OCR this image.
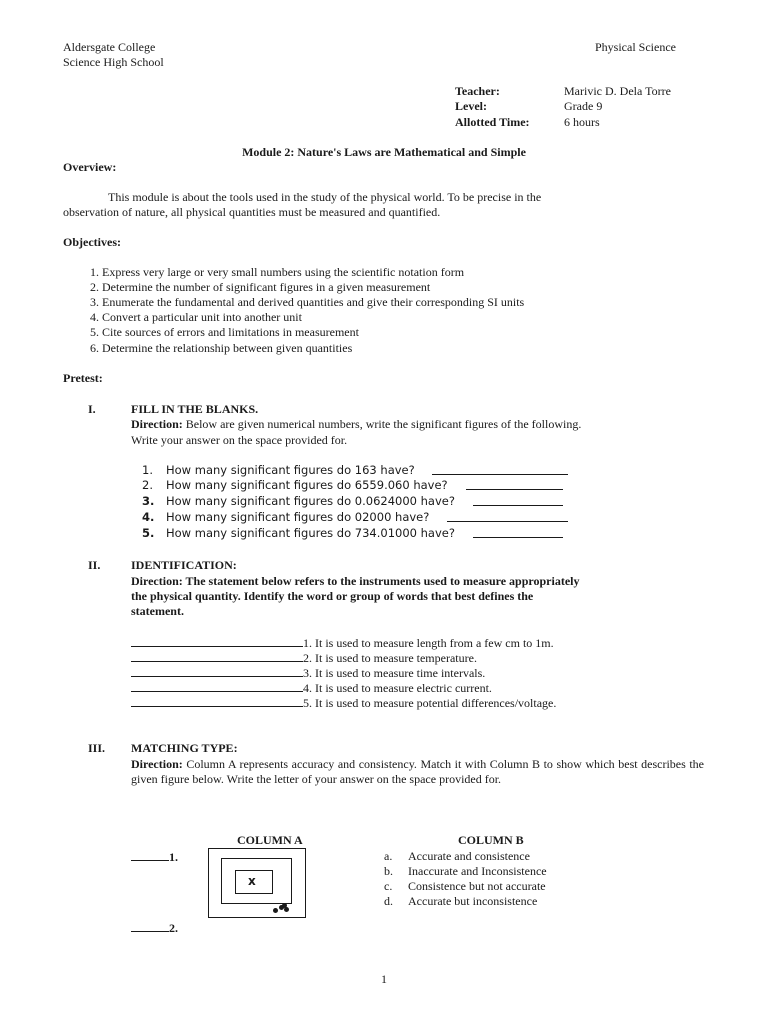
Aldersgate College
Science High School
Physical Science
Teacher:	Marivic D. Dela Torre
Level:	Grade 9
Allotted Time:	6 hours
Module 2: Nature's Laws are Mathematical and Simple
Overview:
This module is about the tools used in the study of the physical world. To be precise in the
observation of nature, all physical quantities must be measured and quantified.
Objectives:
1. Express very large or very small numbers using the scientific notation form
2. Determine the number of significant figures in a given measurement
3. Enumerate the fundamental and derived quantities and give their corresponding SI units
4. Convert a particular unit into another unit
5. Cite sources of errors and limitations in measurement
6. Determine the relationship between given quantities
Pretest:
I.	FILL IN THE BLANKS.
Direction: Below are given numerical numbers, write the significant figures of the following.
Write your answer on the space provided for.
1. How many significant figures do 163 have?
2. How many significant figures do 6559.060 have?
3. How many significant figures do 0.0624000 have?
4. How many significant figures do 02000 have?
5. How many significant figures do 734.01000 have?
II.	IDENTIFICATION:
Direction: The statement below refers to the instruments used to measure appropriately
the physical quantity. Identify the word or group of words that best defines the
statement.
1. It is used to measure length from a few cm to 1m.
2. It is used to measure temperature.
3. It is used to measure time intervals.
4. It is used to measure electric current.
5. It is used to measure potential differences/voltage.
III. MATCHING TYPE:
Direction: Column A represents accuracy and consistency. Match it with Column B to show which best describes the given figure below. Write the letter of your answer on the space provided for.
COLUMN A	COLUMN B
1.
x
a. Accurate and consistence
b. Inaccurate and Inconsistence
c. Consistence but not accurate
d. Accurate but inconsistence
2.
1
